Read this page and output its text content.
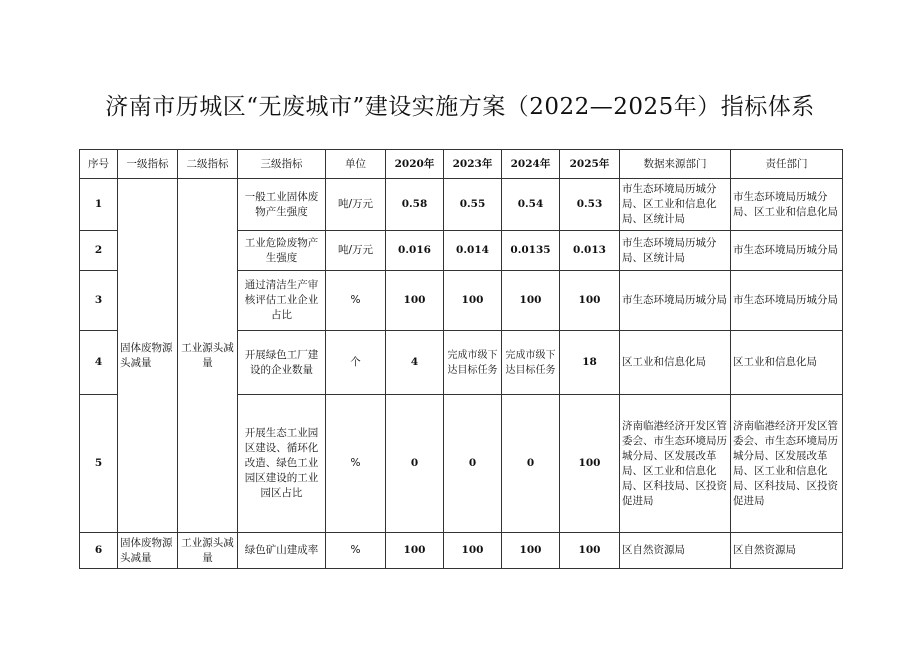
济南市历城区“无废城市”建设实施方案（2022—2025年）指标体系
序号	一级指标	二级指标	三级指标	单位	2020年	2023年	2024年	2025年	数据来源部门	责任部门
1	固体废物源头减量	工业源头减量	一般工业固体废物产生强度	吨/万元	0.58	0.55	0.54	0.53	市生态环境局历城分局、区工业和信息化局、区统计局	市生态环境局历城分局、区工业和信息化局
2			工业危险废物产生强度	吨/万元	0.016	0.014	0.0135	0.013	市生态环境局历城分局、区统计局	市生态环境局历城分局
3			通过清洁生产审核评估工业企业占比	%	100	100	100	100	市生态环境局历城分局	市生态环境局历城分局
4			开展绿色工厂建设的企业数量	个	4	完成市级下达目标任务	完成市级下达目标任务	18	区工业和信息化局	区工业和信息化局
5			开展生态工业园区建设、循环化改造、绿色工业园区建设的工业园区占比	%	0	0	0	100	济南临港经济开发区管委会、市生态环境局历城分局、区发展改革局、区工业和信息化局、区科技局、区投资促进局	济南临港经济开发区管委会、市生态环境局历城分局、区发展改革局、区工业和信息化局、区科技局、区投资促进局
6	固体废物源头减量	工业源头减量	绿色矿山建成率	%	100	100	100	100	区自然资源局	区自然资源局
